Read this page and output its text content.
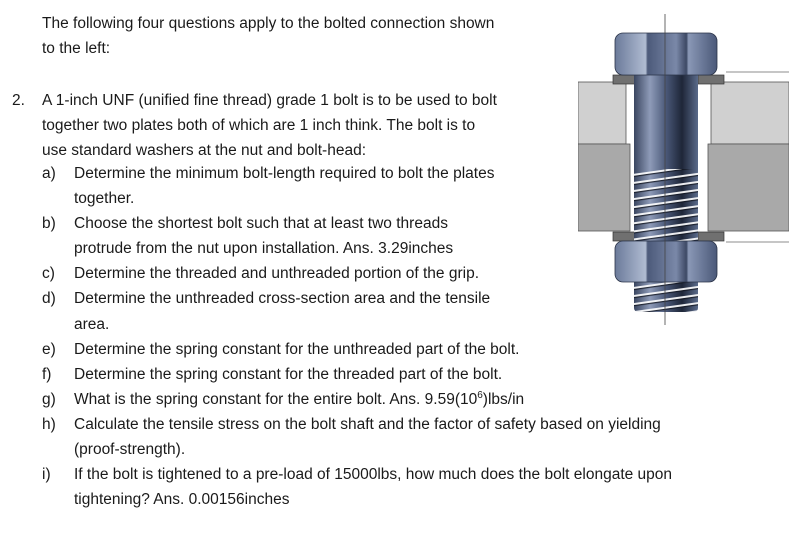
The following four questions apply to the bolted connection shown
to the left:
2. A 1-inch UNF (unified fine thread) grade 1 bolt is to be used to bolt
together two plates both of which are 1 inch think. The bolt is to
use standard washers at the nut and bolt-head:
a) Determine the minimum bolt-length required to bolt the plates
together.
b) Choose the shortest bolt such that at least two threads
protrude from the nut upon installation. Ans. 3.29inches
c) Determine the threaded and unthreaded portion of the grip.
d) Determine the unthreaded cross-section area and the tensile
area.
e) Determine the spring constant for the unthreaded part of the bolt.
f) Determine the spring constant for the threaded part of the bolt.
g) What is the spring constant for the entire bolt. Ans. $9.59(10^6)lbs/in$
h) Calculate the tensile stress on the bolt shaft and the factor of safety based on yielding
(proof-strength).
i) If the bolt is tightened to a pre-load of 15000lbs, how much does the bolt elongate upon
tightening? Ans. 0.00156inches
